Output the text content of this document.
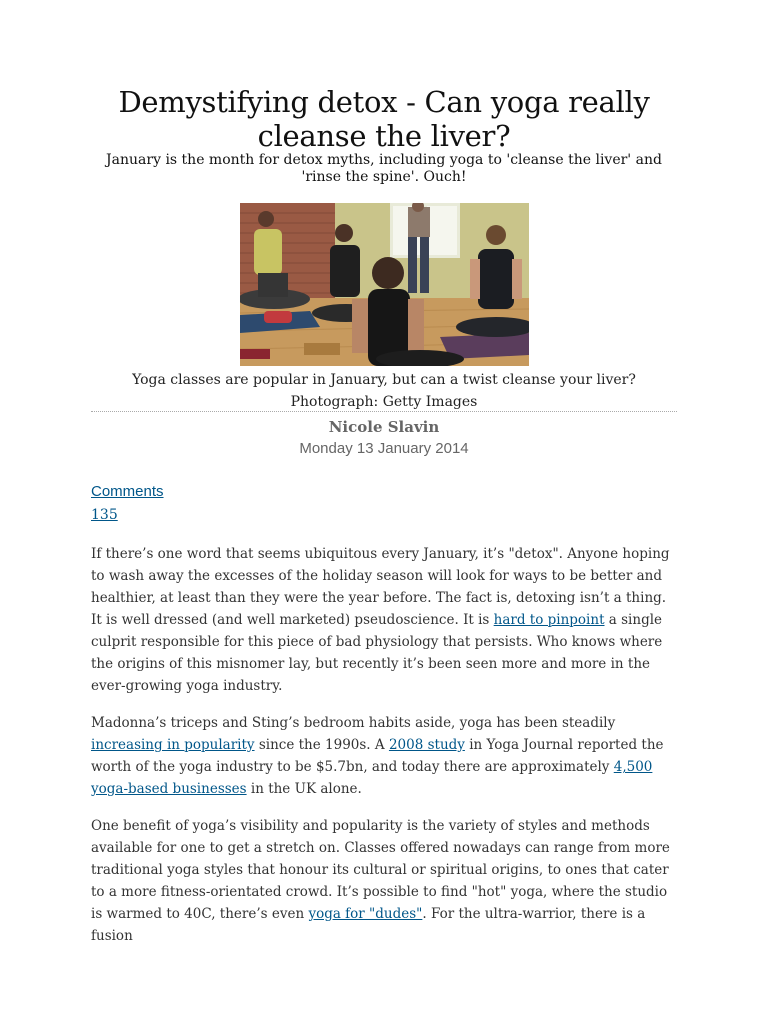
Demystifying detox - Can yoga really cleanse the liver?

January is the month for detox myths, including yoga to 'cleanse the liver' and 'rinse the spine'. Ouch!

Yoga classes are popular in January, but can a twist cleanse your liver? Photograph: Getty Images

Nicole Slavin

Monday 13 January 2014

Comments
135

If there’s one word that seems ubiquitous every January, it’s "detox". Anyone hoping to wash away the excesses of the holiday season will look for ways to be better and healthier, at least than they were the year before. The fact is, detoxing isn’t a thing. It is well dressed (and well marketed) pseudoscience. It is hard to pinpoint a single culprit responsible for this piece of bad physiology that persists. Who knows where the origins of this misnomer lay, but recently it’s been seen more and more in the ever-growing yoga industry.

Madonna’s triceps and Sting’s bedroom habits aside, yoga has been steadily increasing in popularity since the 1990s. A 2008 study in Yoga Journal reported the worth of the yoga industry to be $5.7bn, and today there are approximately 4,500 yoga-based businesses in the UK alone.

One benefit of yoga’s visibility and popularity is the variety of styles and methods available for one to get a stretch on. Classes offered nowadays can range from more traditional yoga styles that honour its cultural or spiritual origins, to ones that cater to a more fitness-orientated crowd. It’s possible to find "hot" yoga, where the studio is warmed to 40C, there’s even yoga for "dudes". For the ultra-warrior, there is a fusion
